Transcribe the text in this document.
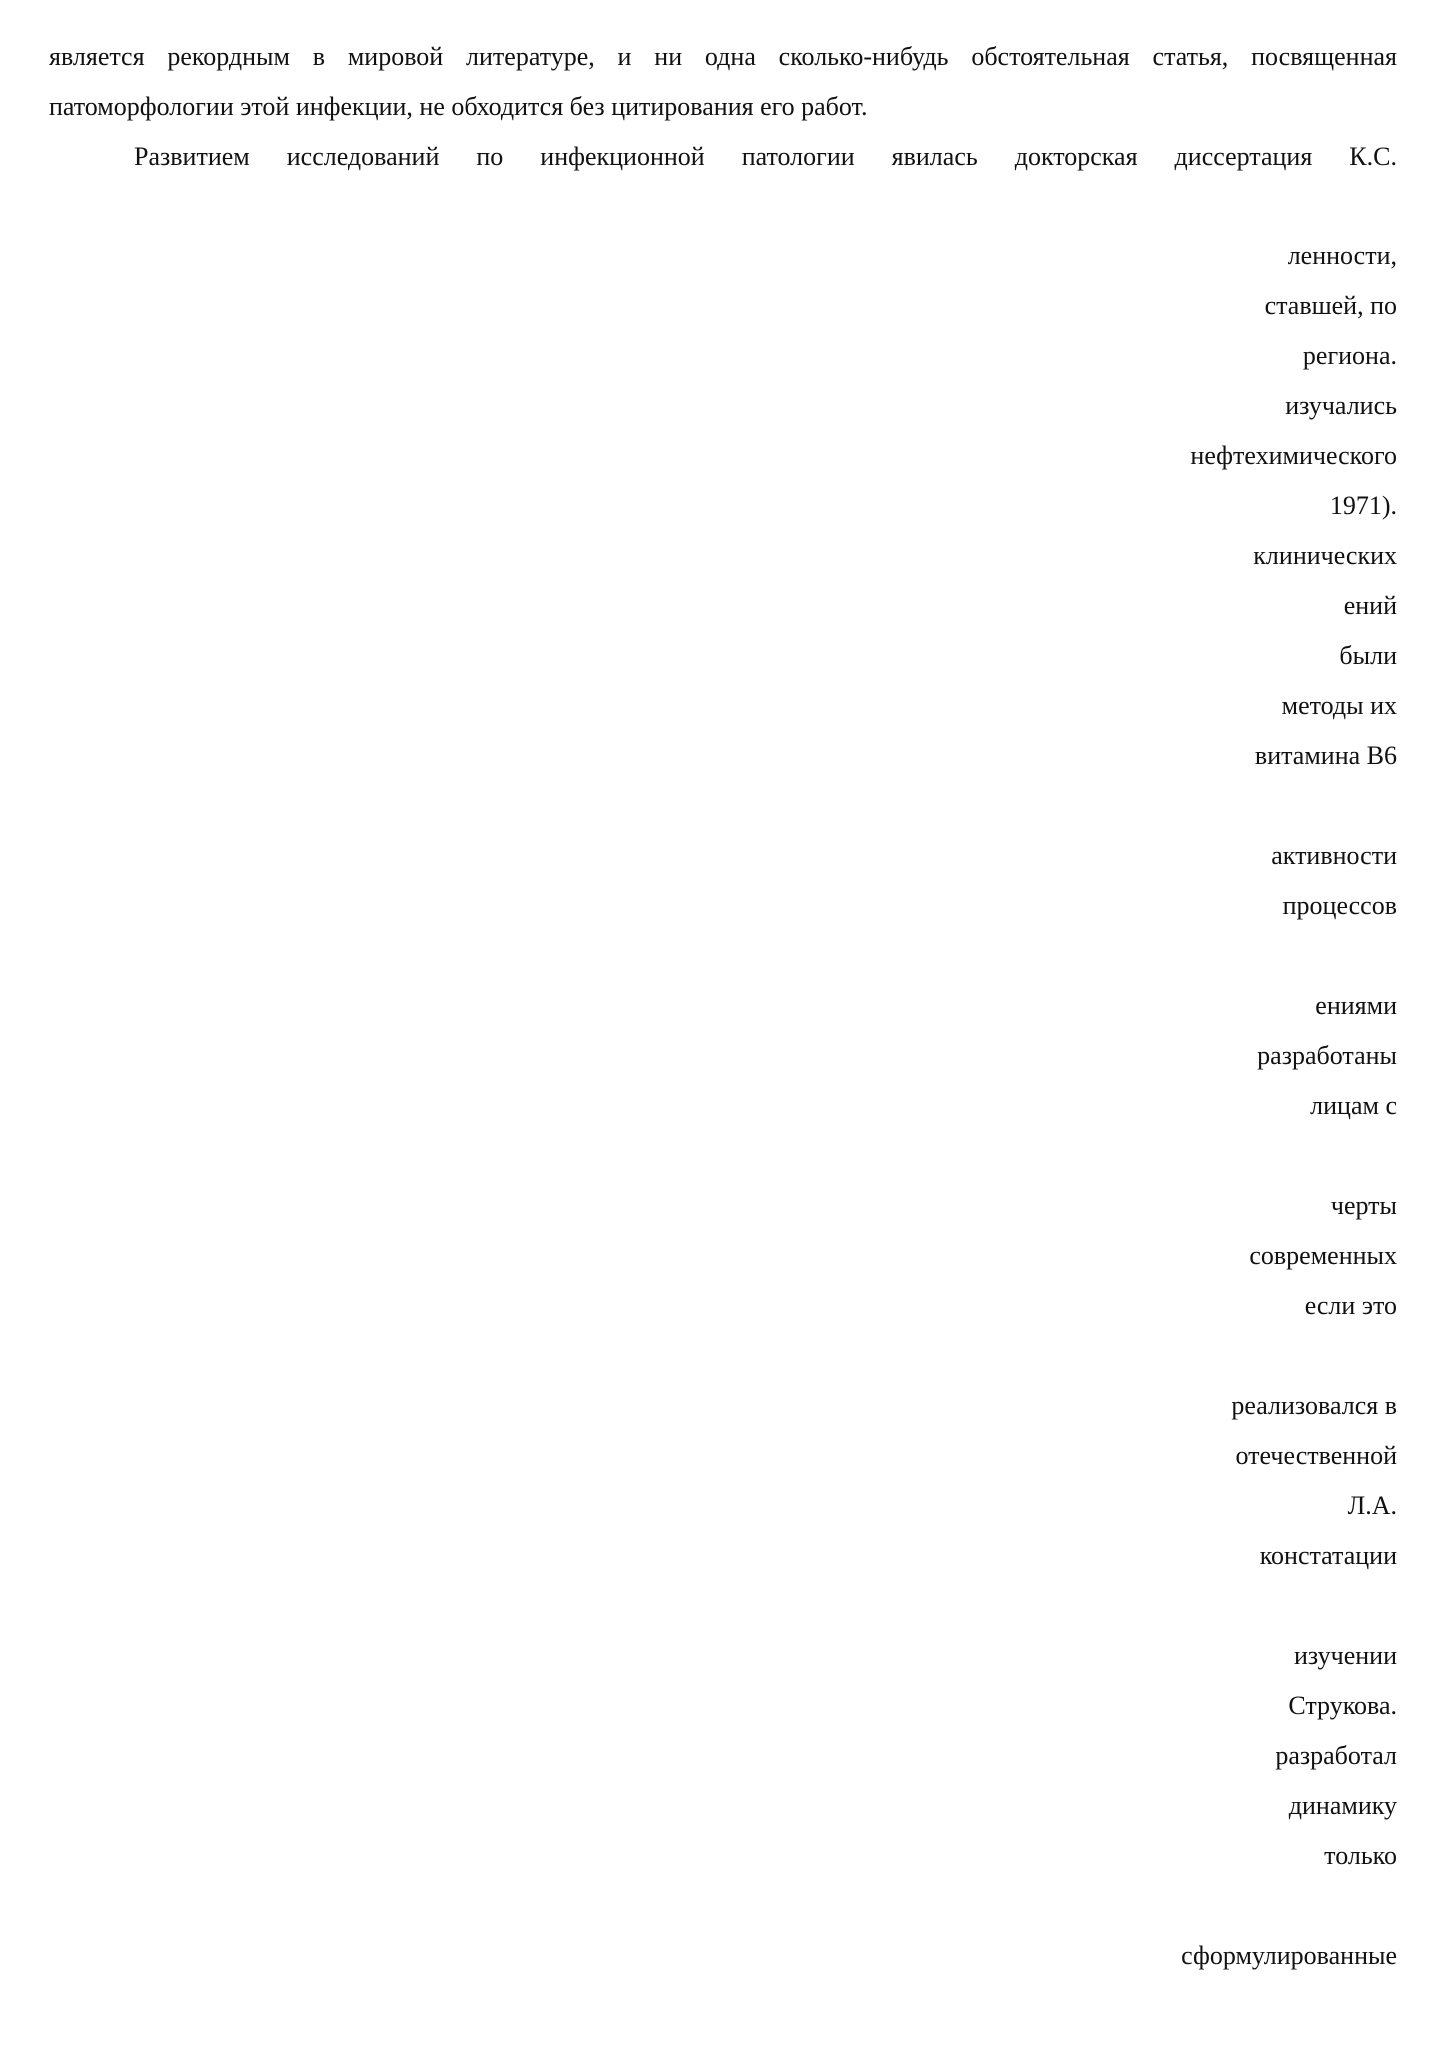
является рекордным в мировой литературе, и ни одна сколько-нибудь обстоятельная статья, посвященная
патоморфологии этой инфекции, не обходится без цитирования его работ.
Развитием исследований по инфекционной патологии явилась докторская диссертация К.С.
ленности,
ставшей, по
региона.
изучались
нефтехимического
1971).
клинических
ений
были
методы их
витамина В6
активности
процессов
ениями
разработаны
лицам с
черты
современных
если это
реализовался в
отечественной
Л.А.
констатации
изучении
Струкова.
разработал
динамику
только
сформулированные
